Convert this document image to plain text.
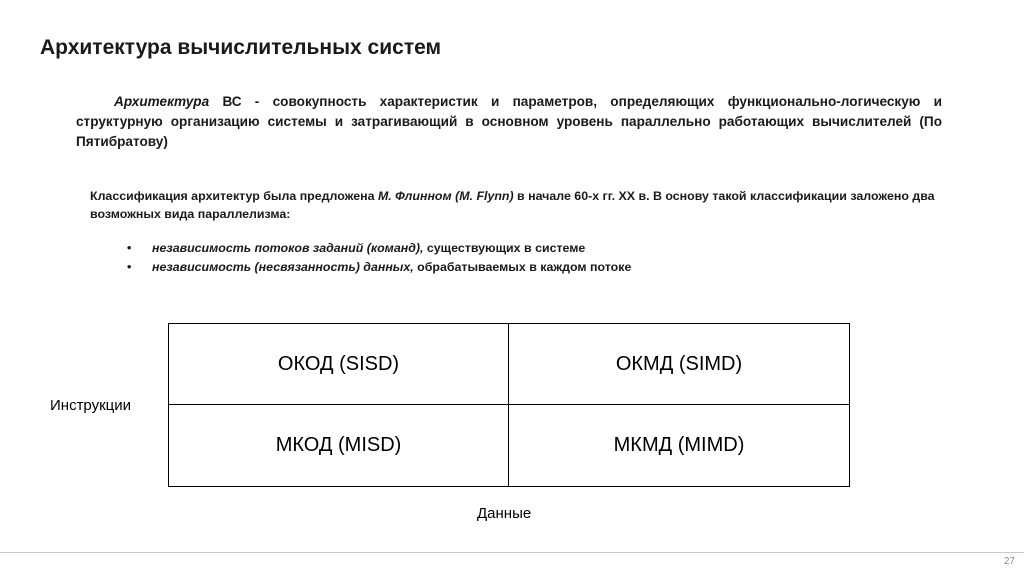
Архитектура вычислительных систем
Архитектура ВС - совокупность характеристик и параметров, определяющих функционально-логическую и структурную организацию системы и затрагивающий в основном уровень параллельно работающих вычислителей (По Пятибратову)
Классификация архитектур была предложена М. Флинном (M. Flynn) в начале 60-х гг. XX в. В основу такой классификации заложено два возможных вида параллелизма:
• независимость потоков заданий (команд), существующих в системе
• независимость (несвязанность) данных, обрабатываемых в каждом потоке
ОКОД (SISD)	ОКМД (SIMD)
МКОД (MISD)	МКМД (MIMD)
Инструкции
Данные
27
